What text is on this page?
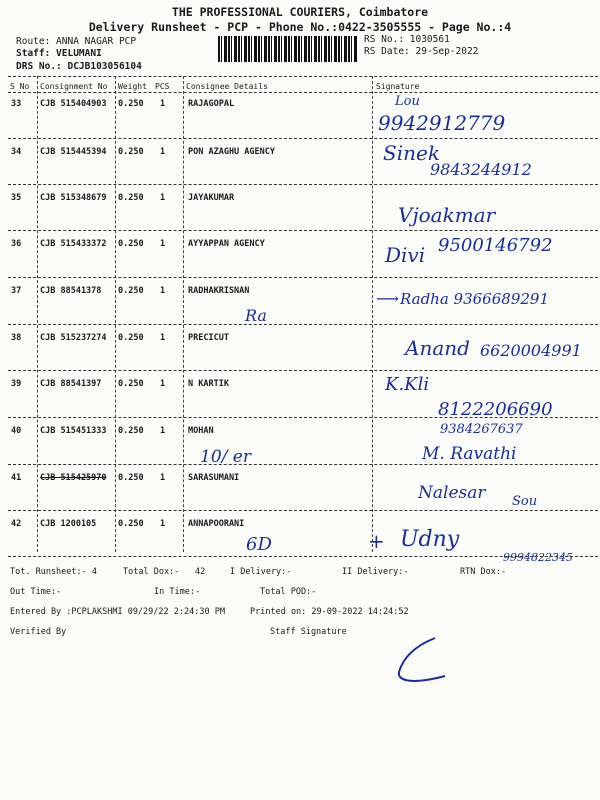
THE PROFESSIONAL COURIERS, Coimbatore
Delivery Runsheet - PCP - Phone No.:0422-3505555 - Page No.:4
Route: ANNA NAGAR PCP
Staff: VELUMANI
DRS No.: DCJB103056104
RS No.: 1030561
RS Date: 29-Sep-2022
S No Consignment No Weight PCS Consignee Details	Signature
33 CJB 515404903 0.250 1	RAJAGOPAL	Lou
9942912779
34 CJB 515445394 0.250 1	PON AZAGHU AGENCY	Sinek
9843244912
35 CJB 515348679 0.250 1	JAYAKUMAR
Vjoakmar
36 CJB 515433372 0.250 1	AYYAPPAN AGENCY	Divi 9500146792
37 CJB 88541378 0.250 1	RADHAKRISNAN	⟶ Radha 9366689291
Ra
38 CJB 515237274 0.250 1	PRECICUT	Anand 6620004991
39 CJB 88541397 0.250 1	N KARTIK	K.Kli
8122206690
40 CJB 515451333 0.250 1	MOHAN	9384267637
M. Ravathi
10/ er
41 CJB 515425970 0.250 1	SARASUMANI
Nalesar Sou
42 CJB 1200105	0.250 1	ANNAPOORANI
6D	+ Udny
9994822345
Tot. Runsheet:- 4	Total Dox:- 42	I Delivery:-	II Delivery:-	RTN Dox:-
Out Time:-	In Time:-	Total POD:-
Entered By :PCPLAKSHMI 09/29/22 2:24:30 PM	Printed on: 29-09-2022 14:24:52
Verified By	Staff Signature
